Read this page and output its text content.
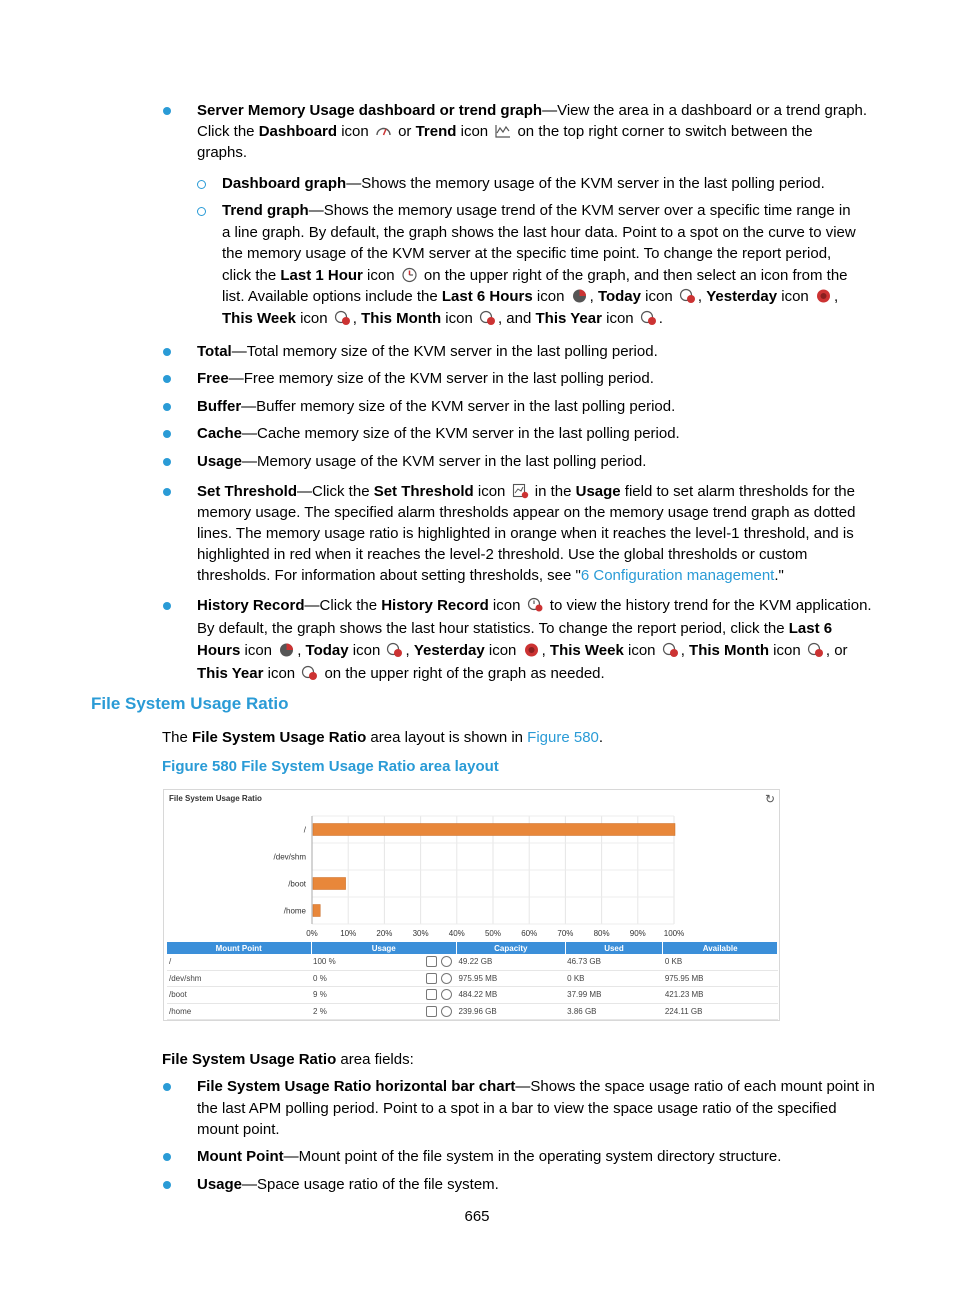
Server Memory Usage dashboard or trend graph—View the area in a dashboard or a trend graph.
Click the Dashboard icon
or Trend icon
on the top right corner to switch between the
graphs.
Dashboard graph—Shows the memory usage of the KVM server in the last polling period.
Trend graph—Shows the memory usage trend of the KVM server over a specific time range in
a line graph. By default, the graph shows the last hour data. Point to a spot on the curve to view
the memory usage of the KVM server at the specific time point. To change the report period,
click the Last 1 Hour icon
on the upper right of the graph, and then select an icon from the
list. Available options include the Last 6 Hours icon
, Today icon
, Yesterday icon
,
This Week icon
, This Month icon
, and This Year icon
.
Total—Total memory size of the KVM server in the last polling period.
Free—Free memory size of the KVM server in the last polling period.
Buffer—Buffer memory size of the KVM server in the last polling period.
Cache—Cache memory size of the KVM server in the last polling period.
Usage—Memory usage of the KVM server in the last polling period.
Set Threshold—Click the Set Threshold icon
in the Usage field to set alarm thresholds for the
memory usage. The specified alarm thresholds appear on the memory usage trend graph as dotted
lines. The memory usage ratio is highlighted in orange when it reaches the level-1 threshold, and is
highlighted in red when it reaches the level-2 threshold. Use the global thresholds or custom
thresholds. For information about setting thresholds, see "6 Configuration management."
History Record—Click the History Record icon
to view the history trend for the KVM application.
By default, the graph shows the last hour statistics. To change the report period, click the Last 6
Hours icon
, Today icon
, Yesterday icon
, This Week icon
, This Month icon
, or
This Year icon
on the upper right of the graph as needed.
File System Usage Ratio
The File System Usage Ratio area layout is shown in Figure 580.
Figure 580 File System Usage Ratio area layout
File System Usage Ratio	↻
/
/dev/shm
/boot
/home
0%	10%	20%	30%	40%	50%	60%	70%	80%	90% 100%
Mount Point	Usage	Capacity	Used	Available
/	100 %	49.22 GB	46.73 GB	0 KB
/dev/shm	0 %	975.95 MB	0 KB	975.95 MB
/boot	9 %	484.22 MB	37.99 MB	421.23 MB
/home	2 %	239.96 GB	3.86 GB	224.11 GB
File System Usage Ratio area fields:
File System Usage Ratio horizontal bar chart—Shows the space usage ratio of each mount point in
the last APM polling period. Point to a spot in a bar to view the space usage ratio of the specified
mount point.
Mount Point—Mount point of the file system in the operating system directory structure.
Usage—Space usage ratio of the file system.
665
